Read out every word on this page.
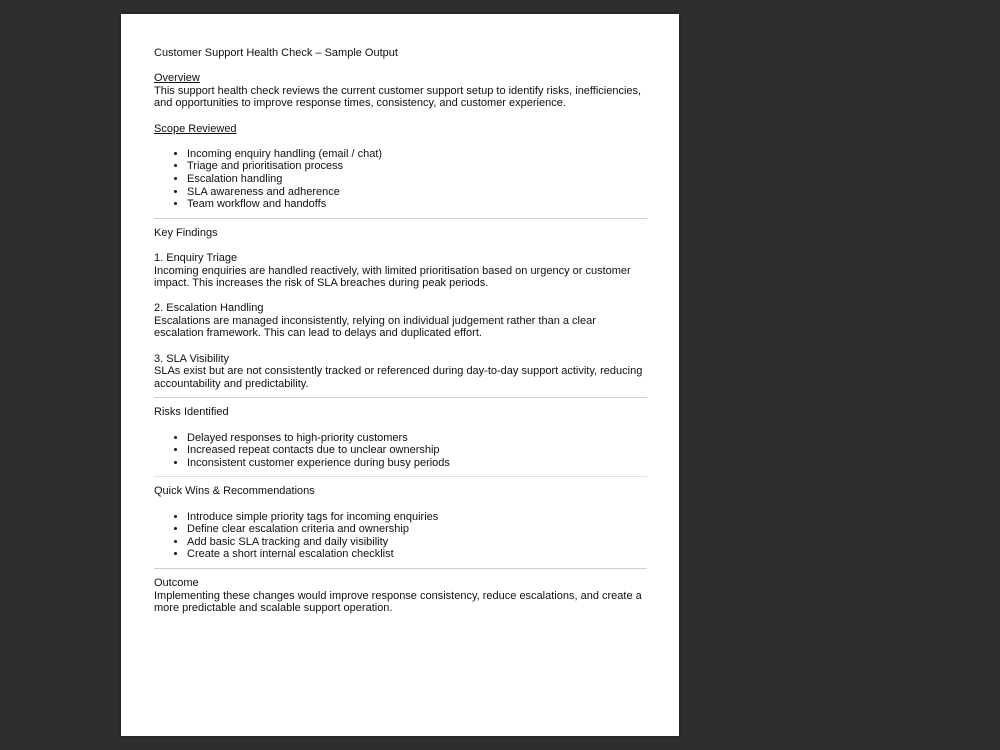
Customer Support Health Check – Sample Output

Overview

This support health check reviews the current customer support setup to identify risks, inefficiencies, and opportunities to improve response times, consistency, and customer experience.

Scope Reviewed

• Incoming enquiry handling (email / chat)
• Triage and prioritisation process
• Escalation handling
• SLA awareness and adherence
• Team workflow and handoffs

Key Findings

1. Enquiry Triage

Incoming enquiries are handled reactively, with limited prioritisation based on urgency or customer impact. This increases the risk of SLA breaches during peak periods.

2. Escalation Handling

Escalations are managed inconsistently, relying on individual judgement rather than a clear escalation framework. This can lead to delays and duplicated effort.

3. SLA Visibility

SLAs exist but are not consistently tracked or referenced during day-to-day support activity, reducing accountability and predictability.

Risks Identified

• Delayed responses to high-priority customers
• Increased repeat contacts due to unclear ownership
• Inconsistent customer experience during busy periods

Quick Wins & Recommendations

• Introduce simple priority tags for incoming enquiries
• Define clear escalation criteria and ownership
• Add basic SLA tracking and daily visibility
• Create a short internal escalation checklist

Outcome

Implementing these changes would improve response consistency, reduce escalations, and create a more predictable and scalable support operation.
